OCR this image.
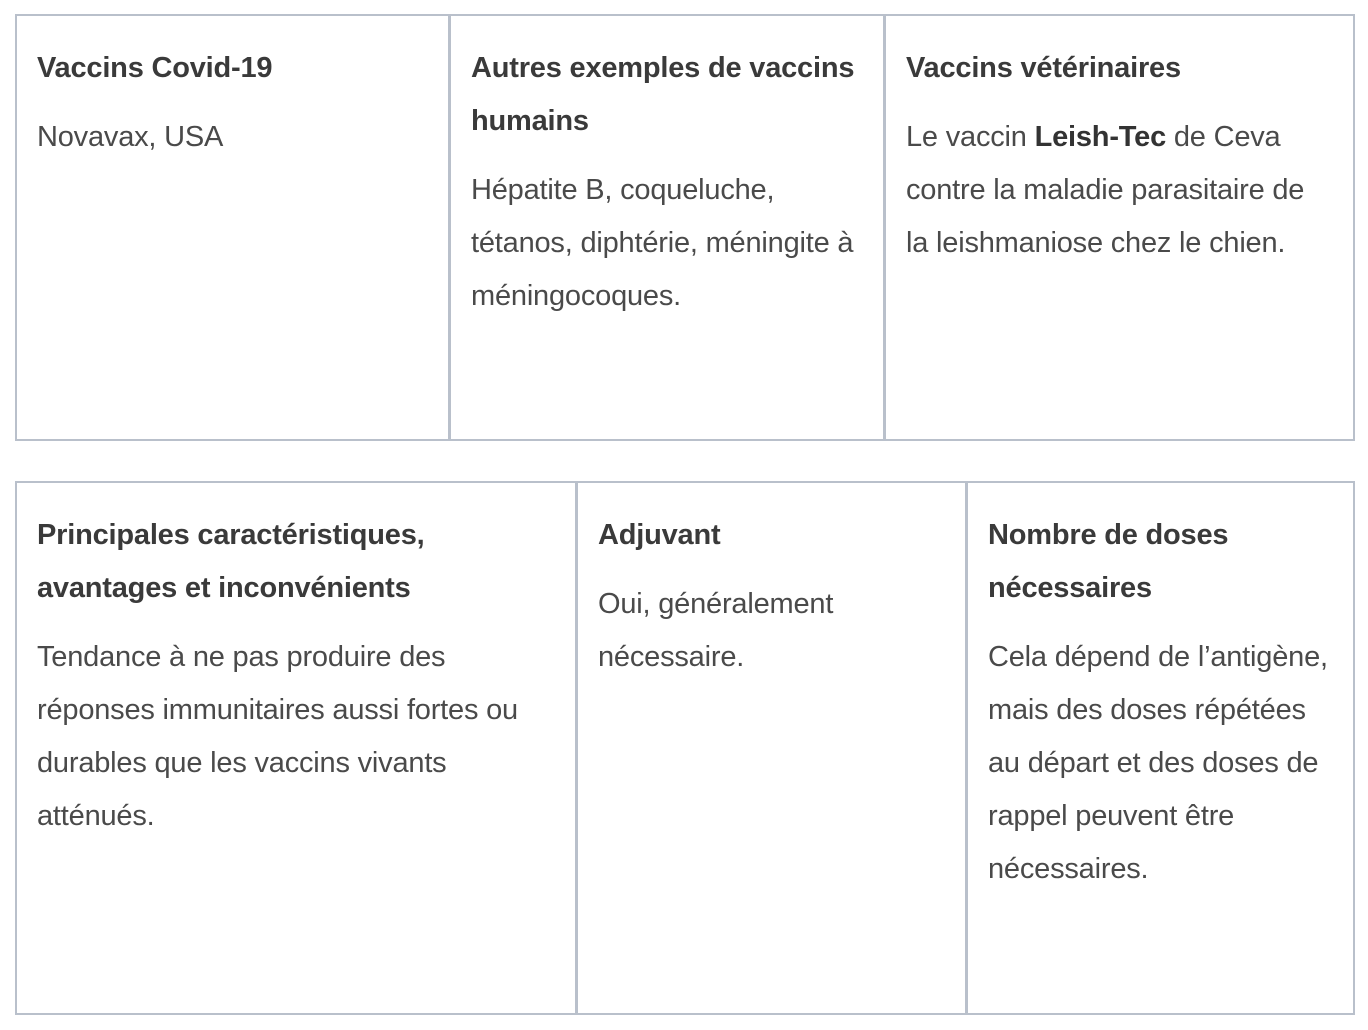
Vaccins Covid-19
Novavax, USA
Autres exemples de vaccins humains
Hépatite B, coqueluche, tétanos, diphtérie, méningite à méningocoques.
Vaccins vétérinaires
Le vaccin Leish-Tec de Ceva contre la maladie parasitaire de la leishmaniose chez le chien.
Principales caractéristiques, avantages et inconvénients
Tendance à ne pas produire des réponses immunitaires aussi fortes ou durables que les vaccins vivants atténués.
Adjuvant
Oui, généralement nécessaire.
Nombre de doses nécessaires
Cela dépend de l’antigène, mais des doses répétées au départ et des doses de rappel peuvent être nécessaires.
